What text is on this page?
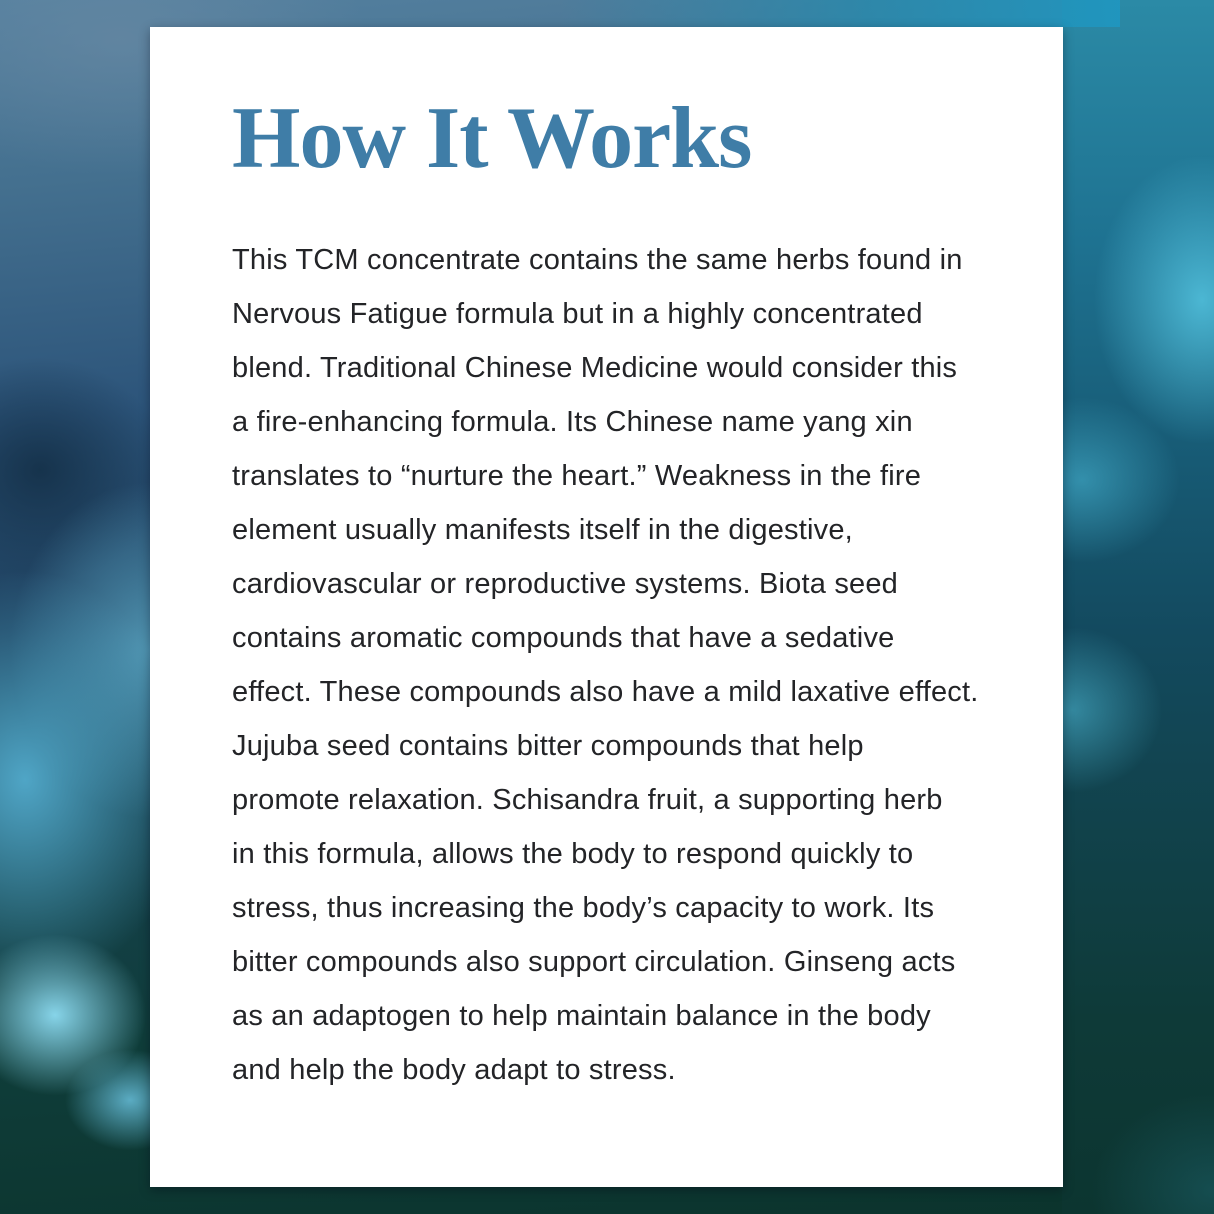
How It Works
This TCM concentrate contains the same herbs found in
Nervous Fatigue formula but in a highly concentrated
blend. Traditional Chinese Medicine would consider this
a fire-enhancing formula. Its Chinese name yang xin
translates to “nurture the heart.” Weakness in the fire
element usually manifests itself in the digestive,
cardiovascular or reproductive systems. Biota seed
contains aromatic compounds that have a sedative
effect. These compounds also have a mild laxative effect.
Jujuba seed contains bitter compounds that help
promote relaxation. Schisandra fruit, a supporting herb
in this formula, allows the body to respond quickly to
stress, thus increasing the body’s capacity to work. Its
bitter compounds also support circulation. Ginseng acts
as an adaptogen to help maintain balance in the body
and help the body adapt to stress.
